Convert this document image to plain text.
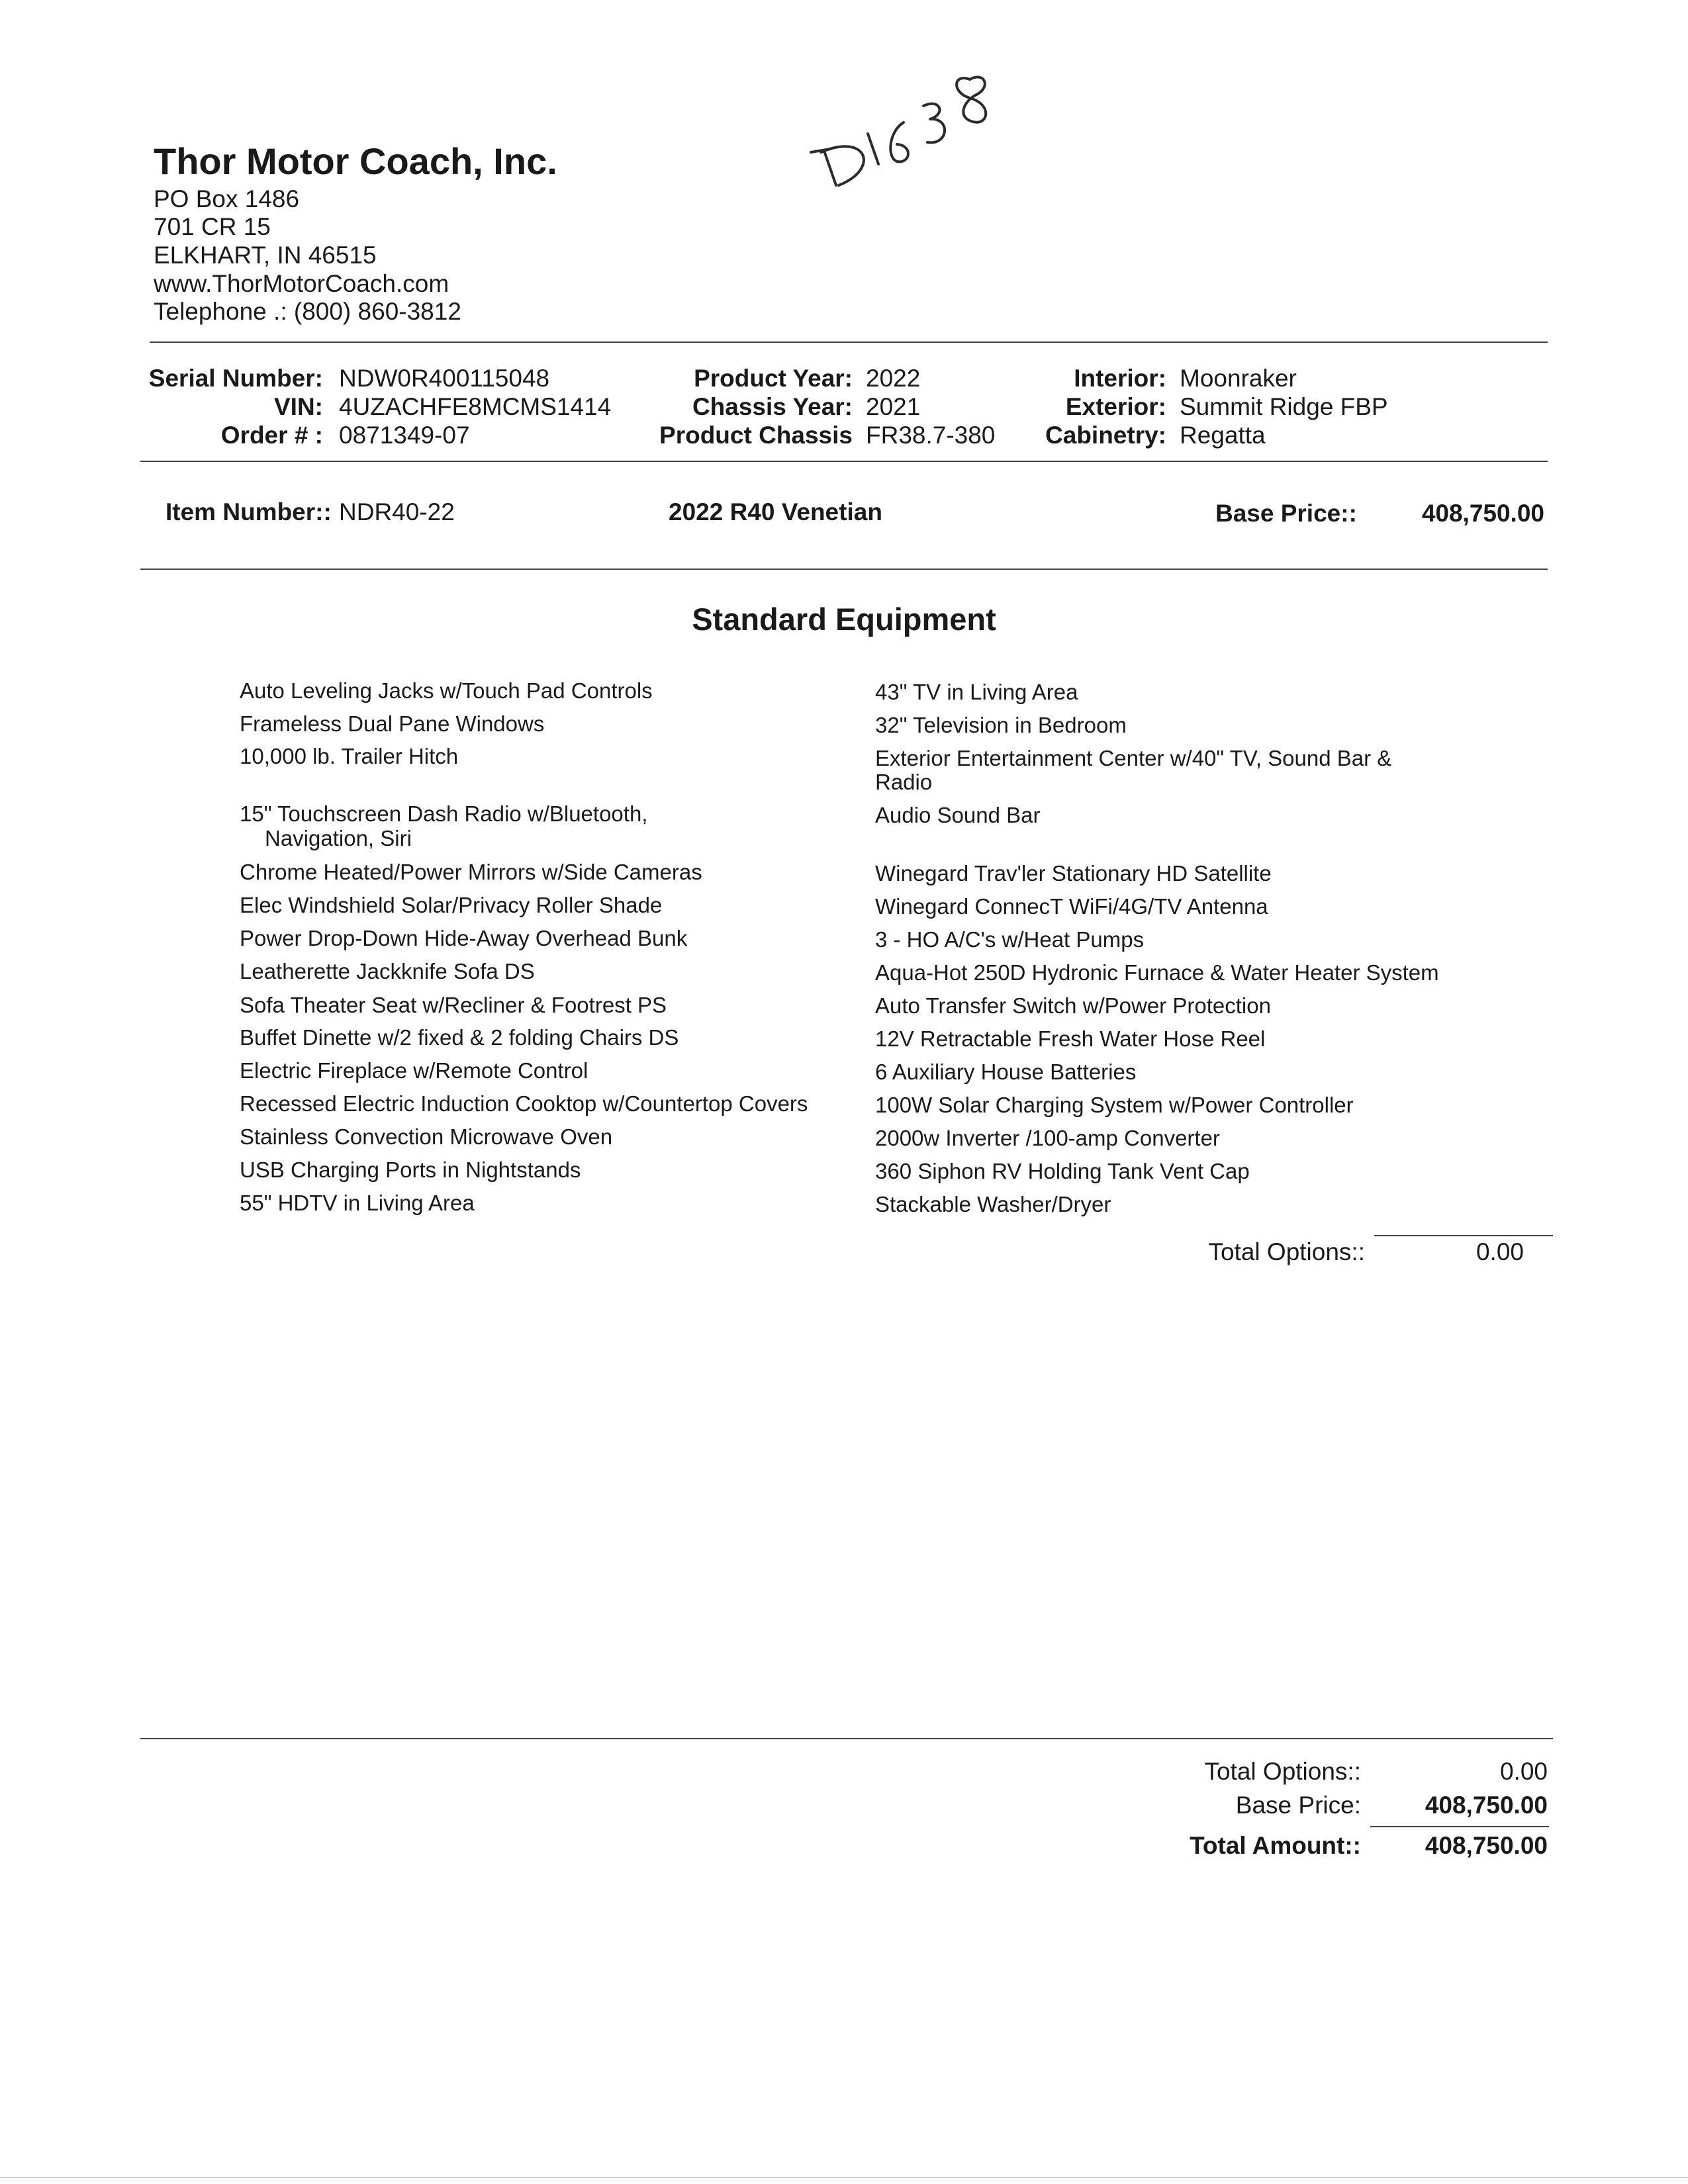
Thor Motor Coach, Inc.
PO Box 1486
701 CR 15
ELKHART, IN 46515
www.ThorMotorCoach.com
Telephone .: (800) 860-3812
Serial Number: NDW0R400115048
VIN: 4UZACHFE8MCMS1414
Order # : 0871349-07
Product Year: 2022
Chassis Year: 2021
Product Chassis FR38.7-380
Interior: Moonraker
Exterior: Summit Ridge FBP
Cabinetry: Regatta
Item Number:: NDR40-22	2022 R40 Venetian	Base Price::	408,750.00
Standard Equipment
Auto Leveling Jacks w/Touch Pad Controls
Frameless Dual Pane Windows
10,000 lb. Trailer Hitch
15" Touchscreen Dash Radio w/Bluetooth,
Navigation, Siri
Chrome Heated/Power Mirrors w/Side Cameras
Elec Windshield Solar/Privacy Roller Shade
Power Drop-Down Hide-Away Overhead Bunk
Leatherette Jackknife Sofa DS
Sofa Theater Seat w/Recliner & Footrest PS
Buffet Dinette w/2 fixed & 2 folding Chairs DS
Electric Fireplace w/Remote Control
Recessed Electric Induction Cooktop w/Countertop Covers
Stainless Convection Microwave Oven
USB Charging Ports in Nightstands
55" HDTV in Living Area
43" TV in Living Area
32" Television in Bedroom
Exterior Entertainment Center w/40" TV, Sound Bar &
Radio
Audio Sound Bar
Winegard Trav'ler Stationary HD Satellite
Winegard ConnecT WiFi/4G/TV Antenna
3 - HO A/C's w/Heat Pumps
Aqua-Hot 250D Hydronic Furnace & Water Heater System
Auto Transfer Switch w/Power Protection
12V Retractable Fresh Water Hose Reel
6 Auxiliary House Batteries
100W Solar Charging System w/Power Controller
2000w Inverter /100-amp Converter
360 Siphon RV Holding Tank Vent Cap
Stackable Washer/Dryer
Total Options::	0.00
Total Options::	0.00
Base Price:	408,750.00
Total Amount::	408,750.00
